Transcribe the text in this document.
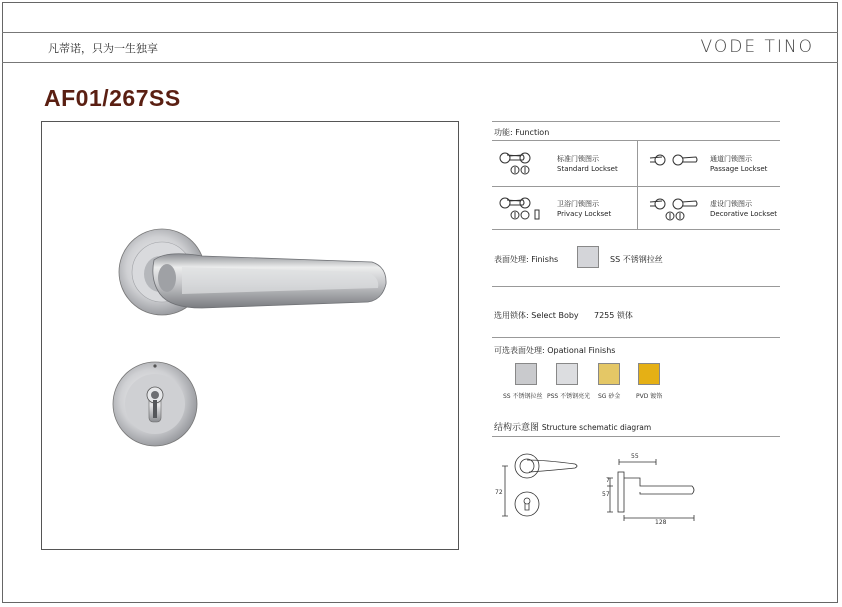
凡蒂诺，只为一生独享	VODE TINO
AF01/267SS
功能: Function
标准门锁图示
Standard Lockset
通道门锁图示
Passage Lockset
卫浴门锁图示
Privacy Lockset
虚设门锁图示
Decorative Lockset
表面处理: Finishs	SS 不锈钢拉丝
选用锁体: Select Boby 7255 锁体
可选表面处理: Opational Finishs
SS 不锈钢拉丝 PSS 不锈钢亮光 SG 砂金	PVD 镀铬
结构示意图 Structure schematic diagram
72
55
7
57
128
